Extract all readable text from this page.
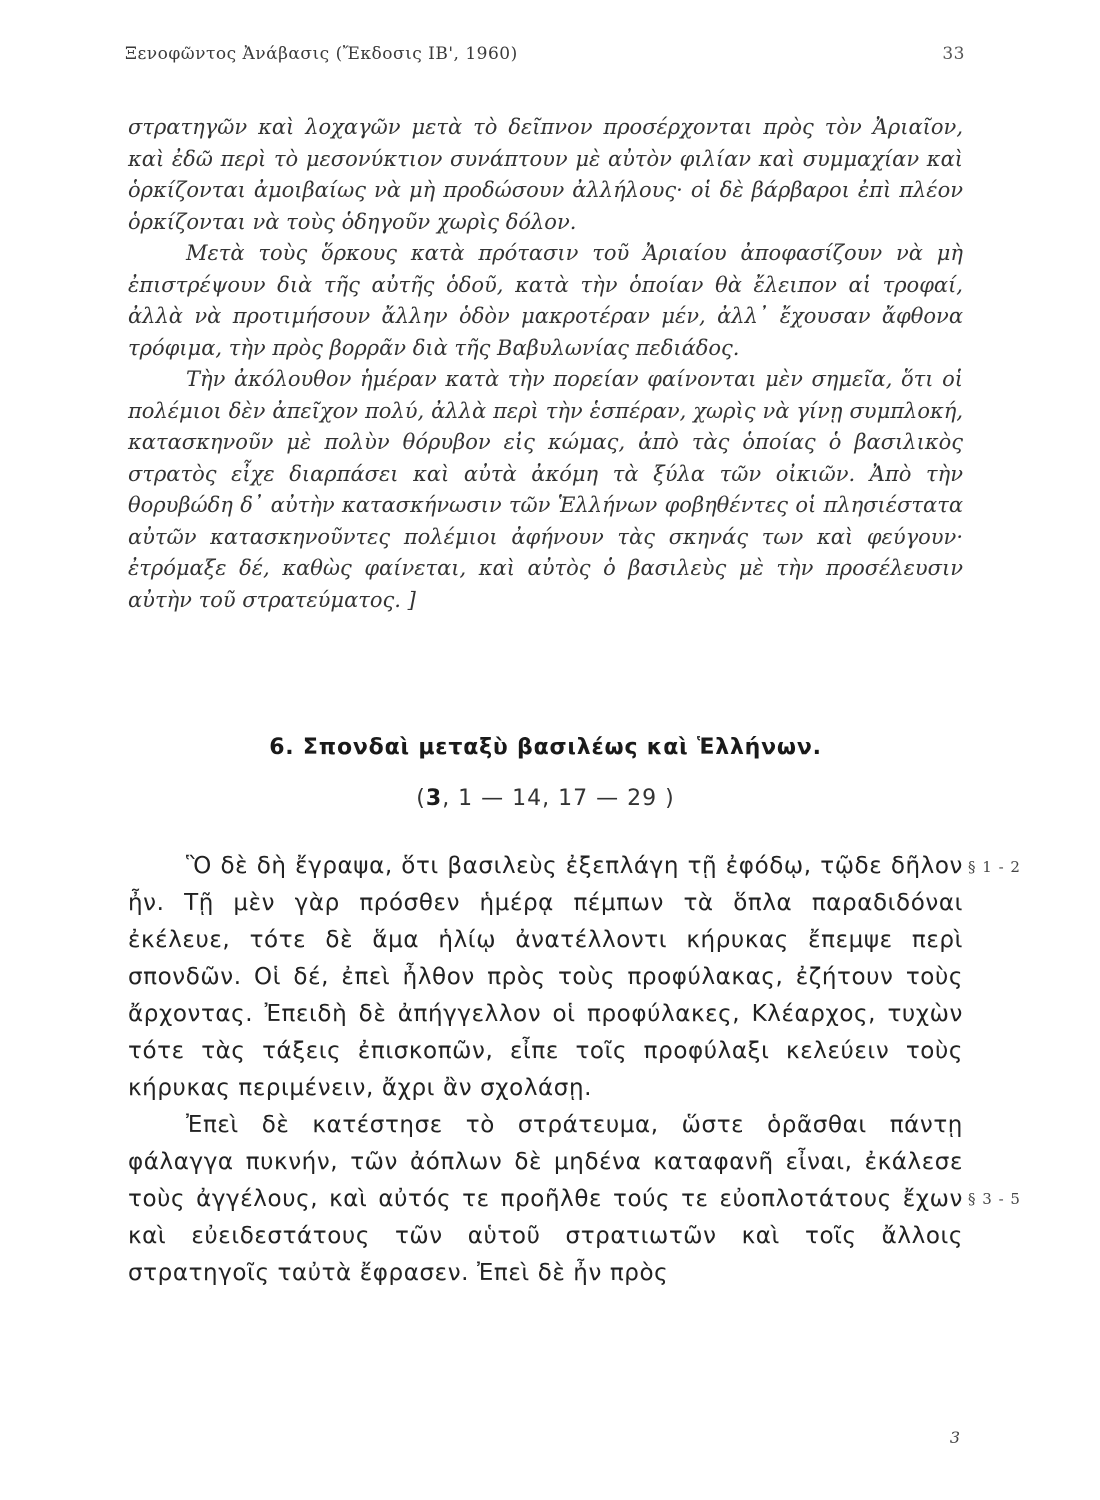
Ξενοφῶντος Ἀνάβασις (Ἔκδοσις ΙΒ', 1960)	33

στρατηγῶν καὶ λοχαγῶν μετὰ τὸ δεῖπνον προσέρχονται πρὸς τὸν Ἀριαῖον, καὶ ἐδῶ περὶ τὸ μεσονύκτιον συνάπτουν μὲ αὐτὸν φιλίαν καὶ συμμαχίαν καὶ ὁρκίζονται ἀμοιβαίως νὰ μὴ προδώσουν ἀλλήλους· οἱ δὲ βάρβαροι ἐπὶ πλέον ὁρκίζονται νὰ τοὺς ὁδηγοῦν χωρὶς δόλον.

Μετὰ τοὺς ὅρκους κατὰ πρότασιν τοῦ Ἀριαίου ἀποφασίζουν νὰ μὴ ἐπιστρέψουν διὰ τῆς αὐτῆς ὁδοῦ, κατὰ τὴν ὁποίαν θὰ ἔλειπον αἱ τροφαί, ἀλλὰ νὰ προτιμήσουν ἄλλην ὁδὸν μακροτέραν μέν, ἀλλ᾽ ἔχουσαν ἄφθονα τρόφιμα, τὴν πρὸς βορρᾶν διὰ τῆς Βαβυλωνίας πεδιάδος.

Τὴν ἀκόλουθον ἡμέραν κατὰ τὴν πορείαν φαίνονται μὲν σημεῖα, ὅτι οἱ πολέμιοι δὲν ἀπεῖχον πολύ, ἀλλὰ περὶ τὴν ἑσπέραν, χωρὶς νὰ γίνῃ συμπλοκή, κατασκηνοῦν μὲ πολὺν θόρυβον εἰς κώμας, ἀπὸ τὰς ὁποίας ὁ βασιλικὸς στρατὸς εἶχε διαρπάσει καὶ αὐτὰ ἀκόμη τὰ ξύλα τῶν οἰκιῶν. Ἀπὸ τὴν θορυβώδη δ᾽ αὐτὴν κατασκήνωσιν τῶν Ἑλλήνων φοβηθέντες οἱ πλησιέστατα αὐτῶν κατασκηνοῦντες πολέμιοι ἀφήνουν τὰς σκηνάς των καὶ φεύγουν· ἐτρόμαξε δέ, καθὼς φαίνεται, καὶ αὐτὸς ὁ βασιλεὺς μὲ τὴν προσέλευσιν αὐτὴν τοῦ στρατεύματος. ]

6. Σπονδαὶ μεταξὺ βασιλέως καὶ Ἑλλήνων.
(3, 1 — 14, 17 — 29 )

Ὃ δὲ δὴ ἔγραψα, ὅτι βασιλεὺς ἐξεπλάγη τῇ ἐφόδῳ, τῷδε δῆλον ἦν. Τῇ μὲν γὰρ πρόσθεν ἡμέρᾳ πέμπων τὰ ὅπλα παραδιδόναι ἐκέλευε, τότε δὲ ἅμα ἡλίῳ ἀνατέλλοντι κήρυκας ἔπεμψε περὶ σπονδῶν. Οἱ δέ, ἐπεὶ ἦλθον πρὸς τοὺς προφύλακας, ἐζήτουν τοὺς ἄρχοντας. Ἐπειδὴ δὲ ἀπήγγελλον οἱ προφύλακες, Κλέαρχος, τυχὼν τότε τὰς τάξεις ἐπισκοπῶν, εἶπε τοῖς προφύλαξι κελεύειν τοὺς κήρυκας περιμένειν, ἄχρι ἂν σχολάσῃ.

Ἐπεὶ δὲ κατέστησε τὸ στράτευμα, ὥστε ὁρᾶσθαι πάντῃ φάλαγγα πυκνήν, τῶν ἀόπλων δὲ μηδένα καταφανῆ εἶναι, ἐκάλεσε τοὺς ἀγγέλους, καὶ αὐτός τε προῆλθε τούς τε εὐοπλοτάτους ἔχων καὶ εὐειδεστάτους τῶν αὑτοῦ στρατιωτῶν καὶ τοῖς ἄλλοις στρατηγοῖς ταὐτὰ ἔφρασεν. Ἐπεὶ δὲ ἦν πρὸς

§ 1 - 2
§ 3 - 5
3
